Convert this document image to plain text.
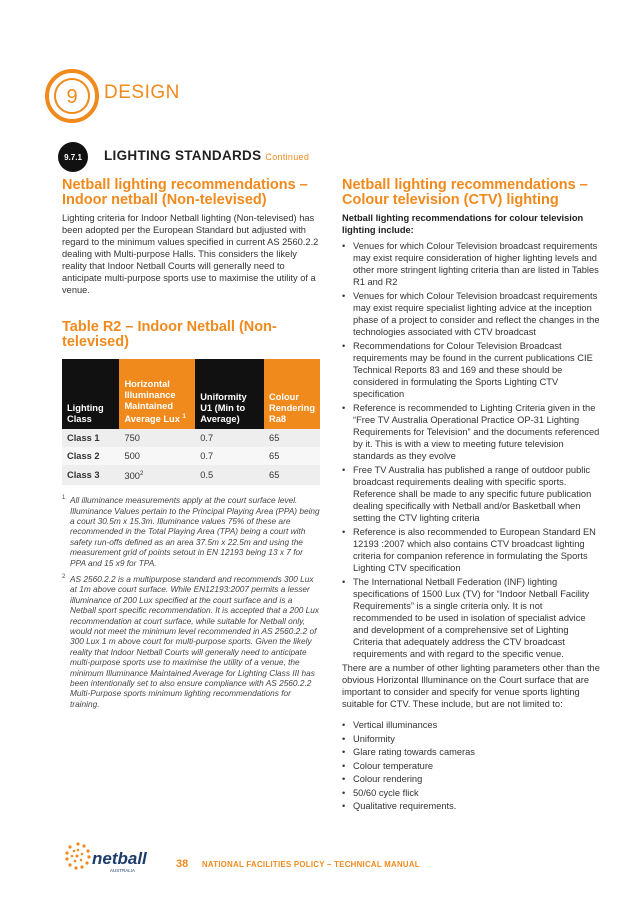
9 DESIGN
9.7.1	LIGHTING STANDARDS Continued
Netball lighting recommendations – Indoor netball (Non-televised)

Lighting criteria for Indoor Netball lighting (Non-televised) has been adopted per the European Standard but adjusted with regard to the minimum values specified in current AS 2560.2.2 dealing with Multi-purpose Halls. This considers the likely reality that Indoor Netball Courts will generally need to anticipate multi-purpose sports use to maximise the utility of a venue.

Table R2 – Indoor Netball (Non-televised)
Lighting Class	Horizontal Illuminance Maintained Average Lux $^1$	Uniformity U1 (Min to Average)	Colour Rendering Ra8
Class 1	750	0.7	65
Class 2	500	0.7	65
Class 3	$300^2$	0.5	65
1 All illuminance measurements apply at the court surface level. Illuminance Values pertain to the Principal Playing Area (PPA) being a court 30.5m x 15.3m. Illuminance values 75% of these are recommended in the Total Playing Area (TPA) being a court with safety run-offs defined as an area 37.5m x 22.5m and using the measurement grid of points setout in EN 12193 being 13 x 7 for PPA and 15 x9 for TPA.
2 AS 2560.2.2 is a multipurpose standard and recommends 300 Lux at 1m above court surface. While EN12193:2007 permits a lesser illuminance of 200 Lux specified at the court surface and is a Netball sport specific recommendation. It is accepted that a 200 Lux recommendation at court surface, while suitable for Netball only, would not meet the minimum level recommended in AS 2560.2.2 of 300 Lux 1 m above court for multi-purpose sports. Given the likely reality that Indoor Netball Courts will generally need to anticipate multi-purpose sports use to maximise the utility of a venue, the minimum Illuminance Maintained Average for Lighting Class III has been intentionally set to also ensure compliance with AS 2560.2.2 Multi-Purpose sports minimum lighting recommendations for training.
Netball lighting recommendations – Colour television (CTV) lighting
Netball lighting recommendations for colour television lighting include:
• Venues for which Colour Television broadcast requirements may exist require consideration of higher lighting levels and other more stringent lighting criteria than are listed in Tables R1 and R2
• Venues for which Colour Television broadcast requirements may exist require specialist lighting advice at the inception phase of a project to consider and reflect the changes in the technologies associated with CTV broadcast
• Recommendations for Colour Television Broadcast requirements may be found in the current publications CIE Technical Reports 83 and 169 and these should be considered in formulating the Sports Lighting CTV specification
• Reference is recommended to Lighting Criteria given in the “Free TV Australia Operational Practice OP-31 Lighting Requirements for Television” and the documents referenced by it. This is with a view to meeting future television standards as they evolve
• Free TV Australia has published a range of outdoor public broadcast requirements dealing with specific sports. Reference shall be made to any specific future publication dealing specifically with Netball and/or Basketball when setting the CTV lighting criteria
• Reference is also recommended to European Standard EN 12193 :2007 which also contains CTV broadcast lighting criteria for companion reference in formulating the Sports Lighting CTV specification
• The International Netball Federation (INF) lighting specifications of 1500 Lux (TV) for “Indoor Netball Facility Requirements” is a single criteria only. It is not recommended to be used in isolation of specialist advice and development of a comprehensive set of Lighting Criteria that adequately address the CTV broadcast requirements and with regard to the specific venue.

There are a number of other lighting parameters other than the obvious Horizontal Illuminance on the Court surface that are important to consider and specify for venue sports lighting suitable for CTV. These include, but are not limited to:

• Vertical illuminances
• Uniformity
• Glare rating towards cameras
• Colour temperature
• Colour rendering
• 50/60 cycle flick
• Qualitative requirements.
netball
AUSTRALIA
38 NATIONAL FACILITIES POLICY – TECHNICAL MANUAL
